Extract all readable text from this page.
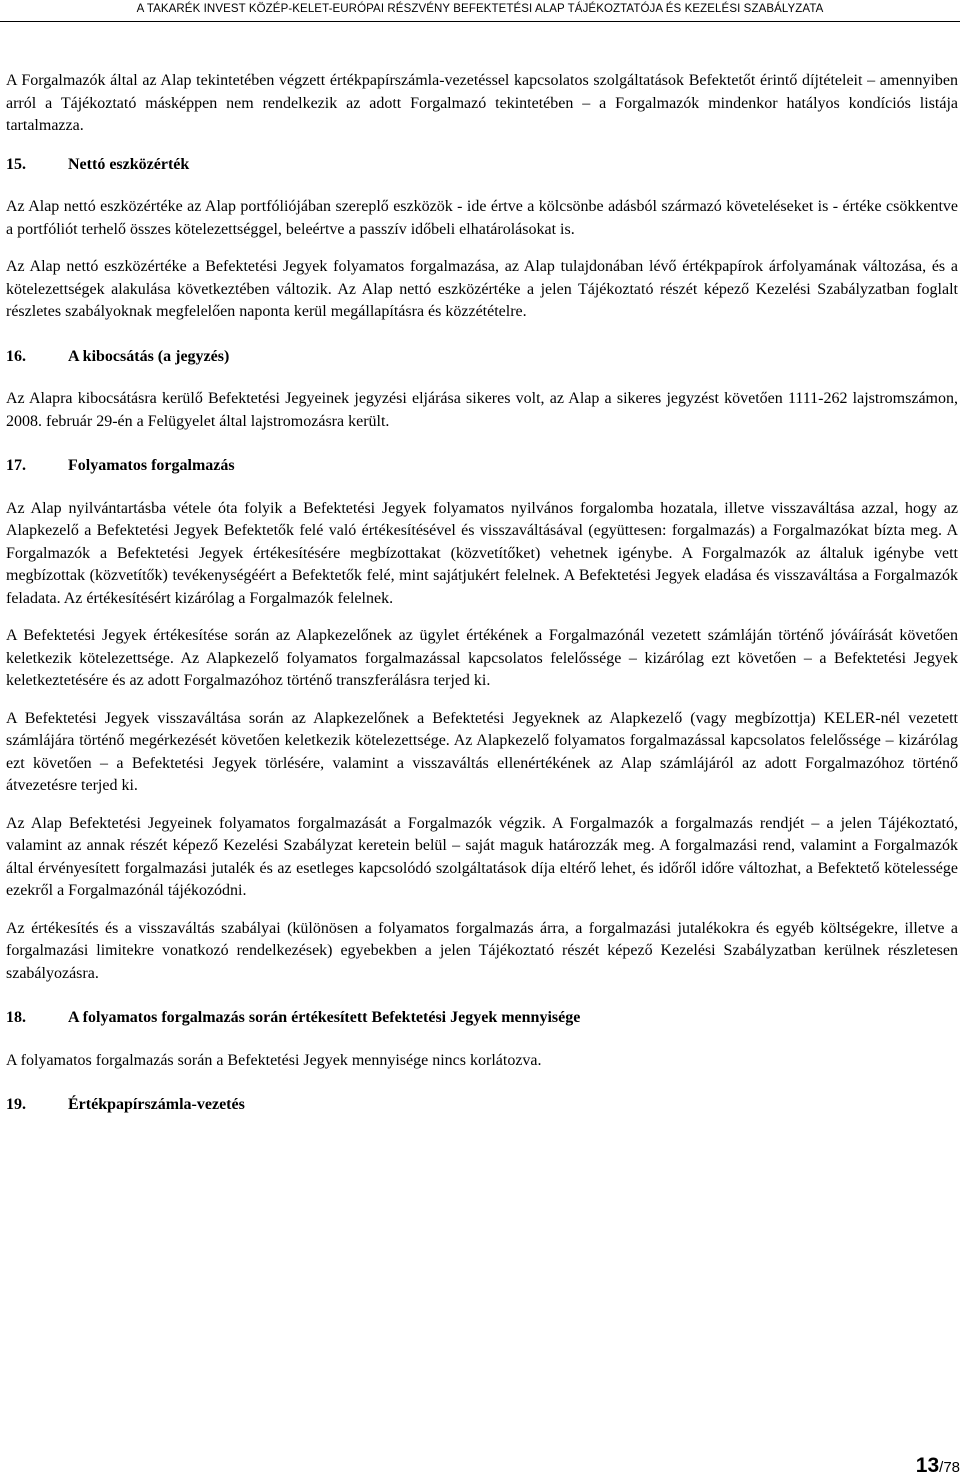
A TAKARÉK INVEST KÖZÉP-KELET-EURÓPAI RÉSZVÉNY BEFEKTETÉSI ALAP TÁJÉKOZTATÓJA ÉS KEZELÉSI SZABÁLYZATA

A Forgalmazók által az Alap tekintetében végzett értékpapírszámla-vezetéssel kapcsolatos szolgáltatások Befektetőt érintő díjtételeit – amennyiben arról a Tájékoztató másképpen nem rendelkezik az adott Forgalmazó tekintetében – a Forgalmazók mindenkor hatályos kondíciós listája tartalmazza.

15.	Nettó eszközérték

Az Alap nettó eszközértéke az Alap portfóliójában szereplő eszközök - ide értve a kölcsönbe adásból származó követeléseket is - értéke csökkentve a portfóliót terhelő összes kötelezettséggel, beleértve a passzív időbeli elhatárolásokat is.

Az Alap nettó eszközértéke a Befektetési Jegyek folyamatos forgalmazása, az Alap tulajdonában lévő értékpapírok árfolyamának változása, és a kötelezettségek alakulása következtében változik. Az Alap nettó eszközértéke a jelen Tájékoztató részét képező Kezelési Szabályzatban foglalt részletes szabályoknak megfelelően naponta kerül megállapításra és közzétételre.

16.	A kibocsátás (a jegyzés)

Az Alapra kibocsátásra kerülő Befektetési Jegyeinek jegyzési eljárása sikeres volt, az Alap a sikeres jegyzést követően 1111-262 lajstromszámon, 2008. február 29-én a Felügyelet által lajstromozásra került.

17.	Folyamatos forgalmazás

Az Alap nyilvántartásba vétele óta folyik a Befektetési Jegyek folyamatos nyilvános forgalomba hozatala, illetve visszaváltása azzal, hogy az Alapkezelő a Befektetési Jegyek Befektetők felé való értékesítésével és visszaváltásával (együttesen: forgalmazás) a Forgalmazókat bízta meg. A Forgalmazók a Befektetési Jegyek értékesítésére megbízottakat (közvetítőket) vehetnek igénybe. A Forgalmazók az általuk igénybe vett megbízottak (közvetítők) tevékenységéért a Befektetők felé, mint sajátjukért felelnek. A Befektetési Jegyek eladása és visszaváltása a Forgalmazók feladata. Az értékesítésért kizárólag a Forgalmazók felelnek.

A Befektetési Jegyek értékesítése során az Alapkezelőnek az ügylet értékének a Forgalmazónál vezetett számláján történő jóváírását követően keletkezik kötelezettsége. Az Alapkezelő folyamatos forgalmazással kapcsolatos felelőssége – kizárólag ezt követően – a Befektetési Jegyek keletkeztetésére és az adott Forgalmazóhoz történő transzferálásra terjed ki.

A Befektetési Jegyek visszaváltása során az Alapkezelőnek a Befektetési Jegyeknek az Alapkezelő (vagy megbízottja) KELER-nél vezetett számlájára történő megérkezését követően keletkezik kötelezettsége. Az Alapkezelő folyamatos forgalmazással kapcsolatos felelőssége – kizárólag ezt követően – a Befektetési Jegyek törlésére, valamint a visszaváltás ellenértékének az Alap számlájáról az adott Forgalmazóhoz történő átvezetésre terjed ki.

Az Alap Befektetési Jegyeinek folyamatos forgalmazását a Forgalmazók végzik. A Forgalmazók a forgalmazás rendjét – a jelen Tájékoztató, valamint az annak részét képező Kezelési Szabályzat keretein belül – saját maguk határozzák meg. A forgalmazási rend, valamint a Forgalmazók által érvényesített forgalmazási jutalék és az esetleges kapcsolódó szolgáltatások díja eltérő lehet, és időről időre változhat, a Befektető kötelessége ezekről a Forgalmazónál tájékozódni.

Az értékesítés és a visszaváltás szabályai (különösen a folyamatos forgalmazás árra, a forgalmazási jutalékokra és egyéb költségekre, illetve a forgalmazási limitekre vonatkozó rendelkezések) egyebekben a jelen Tájékoztató részét képező Kezelési Szabályzatban kerülnek részletesen szabályozásra.

18.	A folyamatos forgalmazás során értékesített Befektetési Jegyek mennyisége

A folyamatos forgalmazás során a Befektetési Jegyek mennyisége nincs korlátozva.

19.	Értékpapírszámla-vezetés
13/78
